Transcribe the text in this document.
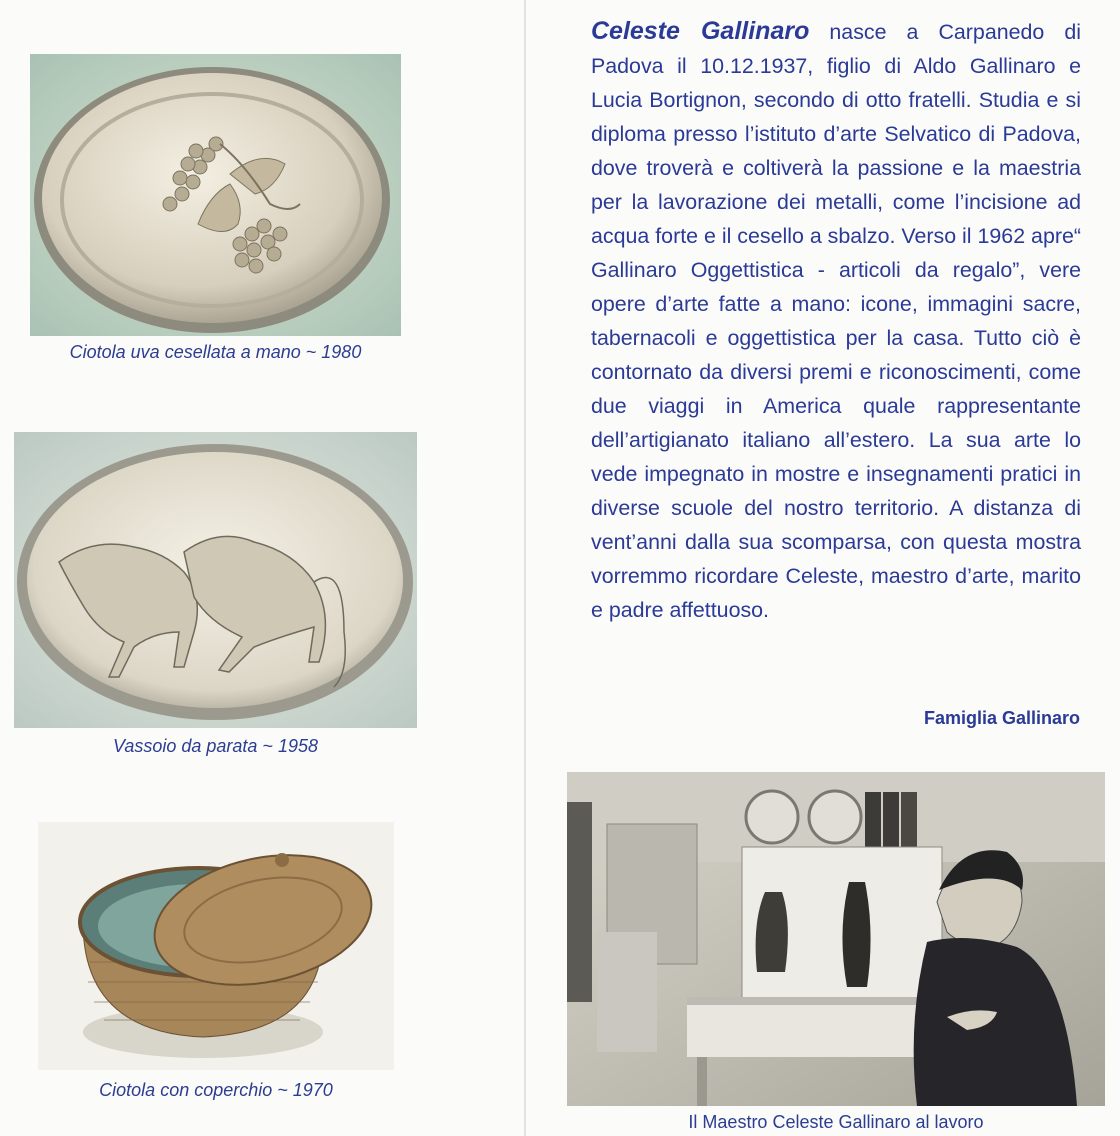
Ciotola uva cesellata a mano ~ 1980
Vassoio da parata ~ 1958
Ciotola con coperchio ~ 1970
Celeste Gallinaro nasce a Carpanedo di Padova il 10.12.1937, figlio di Aldo Gallinaro e Lucia Bortignon, secondo di otto fratelli. Studia e si diploma presso l’istituto d’arte Selvatico di Padova, dove troverà e coltiverà la passione e la maestria per la lavorazione dei metalli, come l’incisione ad acqua forte e il cesello a sbalzo. Verso il 1962 apre“ Gallinaro Oggettistica - articoli da regalo”, vere opere d’arte fatte a mano: icone, immagini sacre, tabernacoli e oggettistica per la casa. Tutto ciò è contornato da diversi premi e riconoscimenti, come due viaggi in America quale rappresentante dell’artigianato italiano all’estero. La sua arte lo vede impegnato in mostre e insegnamenti pratici in diverse scuole del nostro territorio. A distanza di vent’anni dalla sua scomparsa, con questa mostra vorremmo ricordare Celeste, maestro d’arte, marito e padre affettuoso.
Famiglia Gallinaro
Il Maestro Celeste Gallinaro al lavoro
